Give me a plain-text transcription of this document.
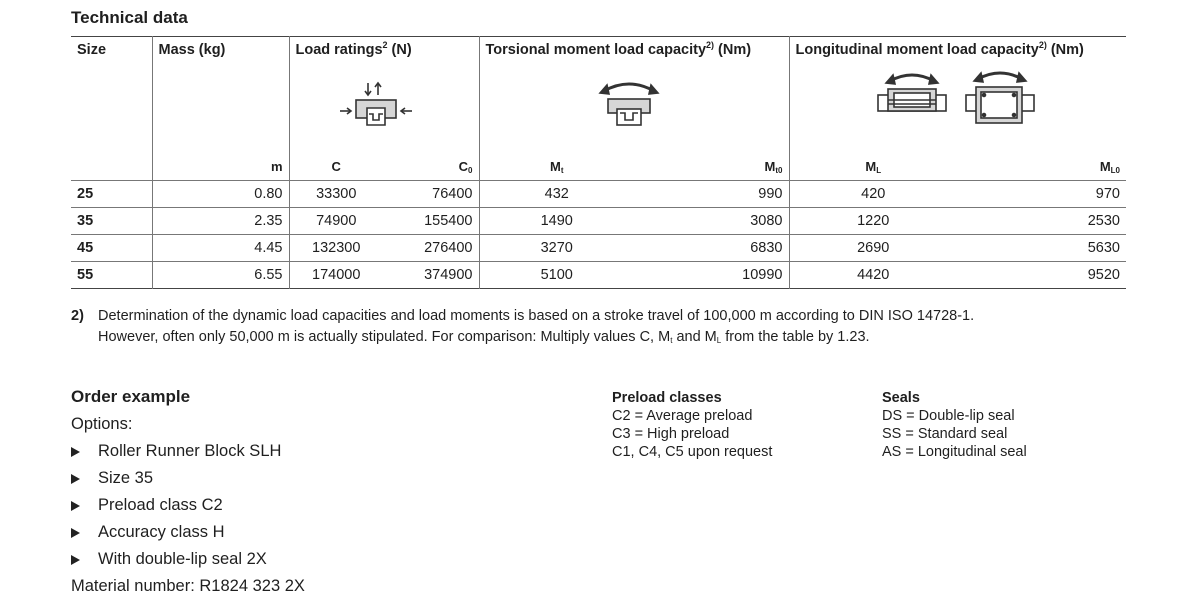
Technical data
Size	Mass (kg)	Load ratings$^2$ (N)		Torsional moment load capacity$^{2)}$ (Nm)		Longitudinal moment load capacity$^{2)}$ (Nm)	

	m	C	$C_0$	$M_t$	$M_{t0}$	$M_L$	$M_{L0}$
25	0.80	33300	76400	432	990	420	970
35	2.35	74900	155400	1490	3080	1220	2530
45	4.45	132300	276400	3270	6830	2690	5630
55	6.55	174000	374900	5100	10990	4420	9520
2) Determination of the dynamic load capacities and load moments is based on a stroke travel of 100,000 m according to DIN ISO 14728-1.
However, often only 50,000 m is actually stipulated. For comparison: Multiply values C, $M_t$ and $M_L$ from the table by 1.23.
Order example
Options:
Roller Runner Block SLH
Size 35
Preload class C2
Accuracy class H
With double-lip seal 2X
Material number: R1824 323 2X
Preload classes
C2 = Average preload
C3 = High preload
C1, C4, C5 upon request
Seals
DS = Double-lip seal
SS = Standard seal
AS = Longitudinal seal
